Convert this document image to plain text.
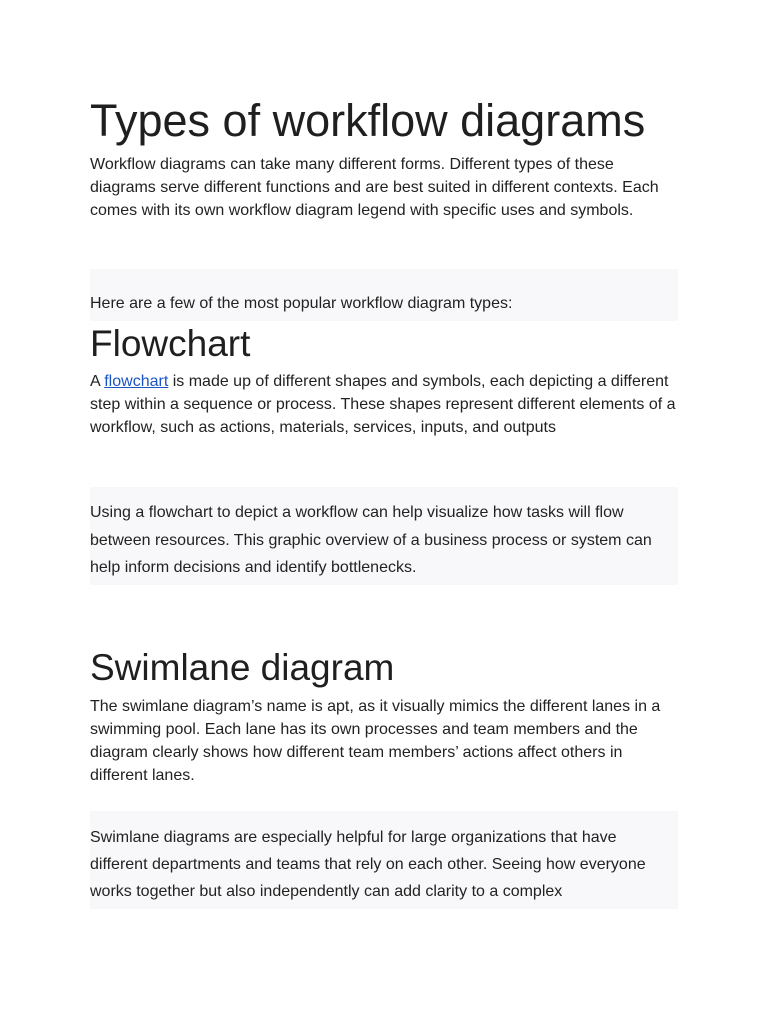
Types of workflow diagrams

Workflow diagrams can take many different forms. Different types of these diagrams serve different functions and are best suited in different contexts. Each comes with its own workflow diagram legend with specific uses and symbols.

Here are a few of the most popular workflow diagram types:

Flowchart

A flowchart is made up of different shapes and symbols, each depicting a different step within a sequence or process. These shapes represent different elements of a workflow, such as actions, materials, services, inputs, and outputs

Using a flowchart to depict a workflow can help visualize how tasks will flow between resources. This graphic overview of a business process or system can help inform decisions and identify bottlenecks.

Swimlane diagram

The swimlane diagram’s name is apt, as it visually mimics the different lanes in a swimming pool. Each lane has its own processes and team members and the diagram clearly shows how different team members’ actions affect others in different lanes.

Swimlane diagrams are especially helpful for large organizations that have different departments and teams that rely on each other. Seeing how everyone works together but also independently can add clarity to a complex
